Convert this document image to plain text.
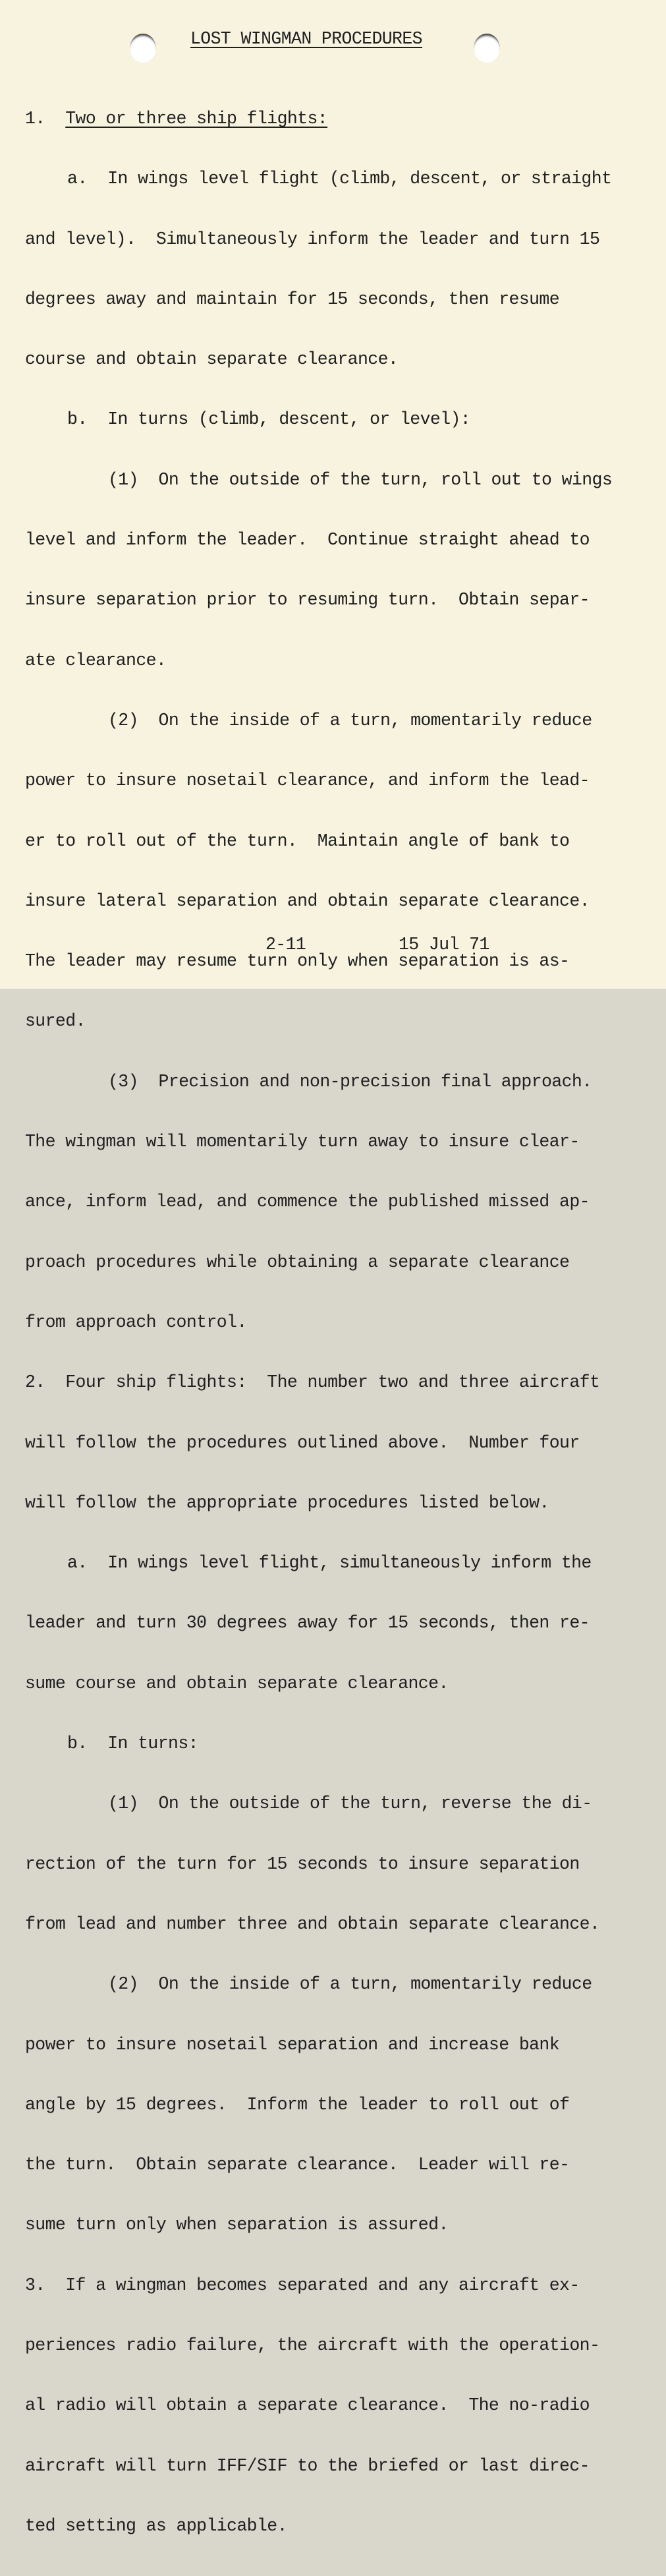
LOST WINGMAN PROCEDURES

1. Two or three ship flights:

a.  In wings level flight (climb, descent, or straight

and level).  Simultaneously inform the leader and turn 15

degrees away and maintain for 15 seconds, then resume

course and obtain separate clearance.

b.  In turns (climb, descent, or level):

(1)  On the outside of the turn, roll out to wings

level and inform the leader.  Continue straight ahead to

insure separation prior to resuming turn.  Obtain separ-

ate clearance.

(2)  On the inside of a turn, momentarily reduce

power to insure nosetail clearance, and inform the lead-

er to roll out of the turn.  Maintain angle of bank to

insure lateral separation and obtain separate clearance.

The leader may resume turn only when separation is as-

sured.

(3)  Precision and non-precision final approach.

The wingman will momentarily turn away to insure clear-

ance, inform lead, and commence the published missed ap-

proach procedures while obtaining a separate clearance

from approach control.

2.  Four ship flights:  The number two and three aircraft

will follow the procedures outlined above.  Number four

will follow the appropriate procedures listed below.

a.  In wings level flight, simultaneously inform the

leader and turn 30 degrees away for 15 seconds, then re-

sume course and obtain separate clearance.

b.  In turns:

(1)  On the outside of the turn, reverse the di-

rection of the turn for 15 seconds to insure separation

from lead and number three and obtain separate clearance.

(2)  On the inside of a turn, momentarily reduce

power to insure nosetail separation and increase bank

angle by 15 degrees.  Inform the leader to roll out of

the turn.  Obtain separate clearance.  Leader will re-

sume turn only when separation is assured.

3.  If a wingman becomes separated and any aircraft ex-

periences radio failure, the aircraft with the operation-

al radio will obtain a separate clearance.  The no-radio

aircraft will turn IFF/SIF to the briefed or last direc-

ted setting as applicable.

2-11	15 Jul 71
